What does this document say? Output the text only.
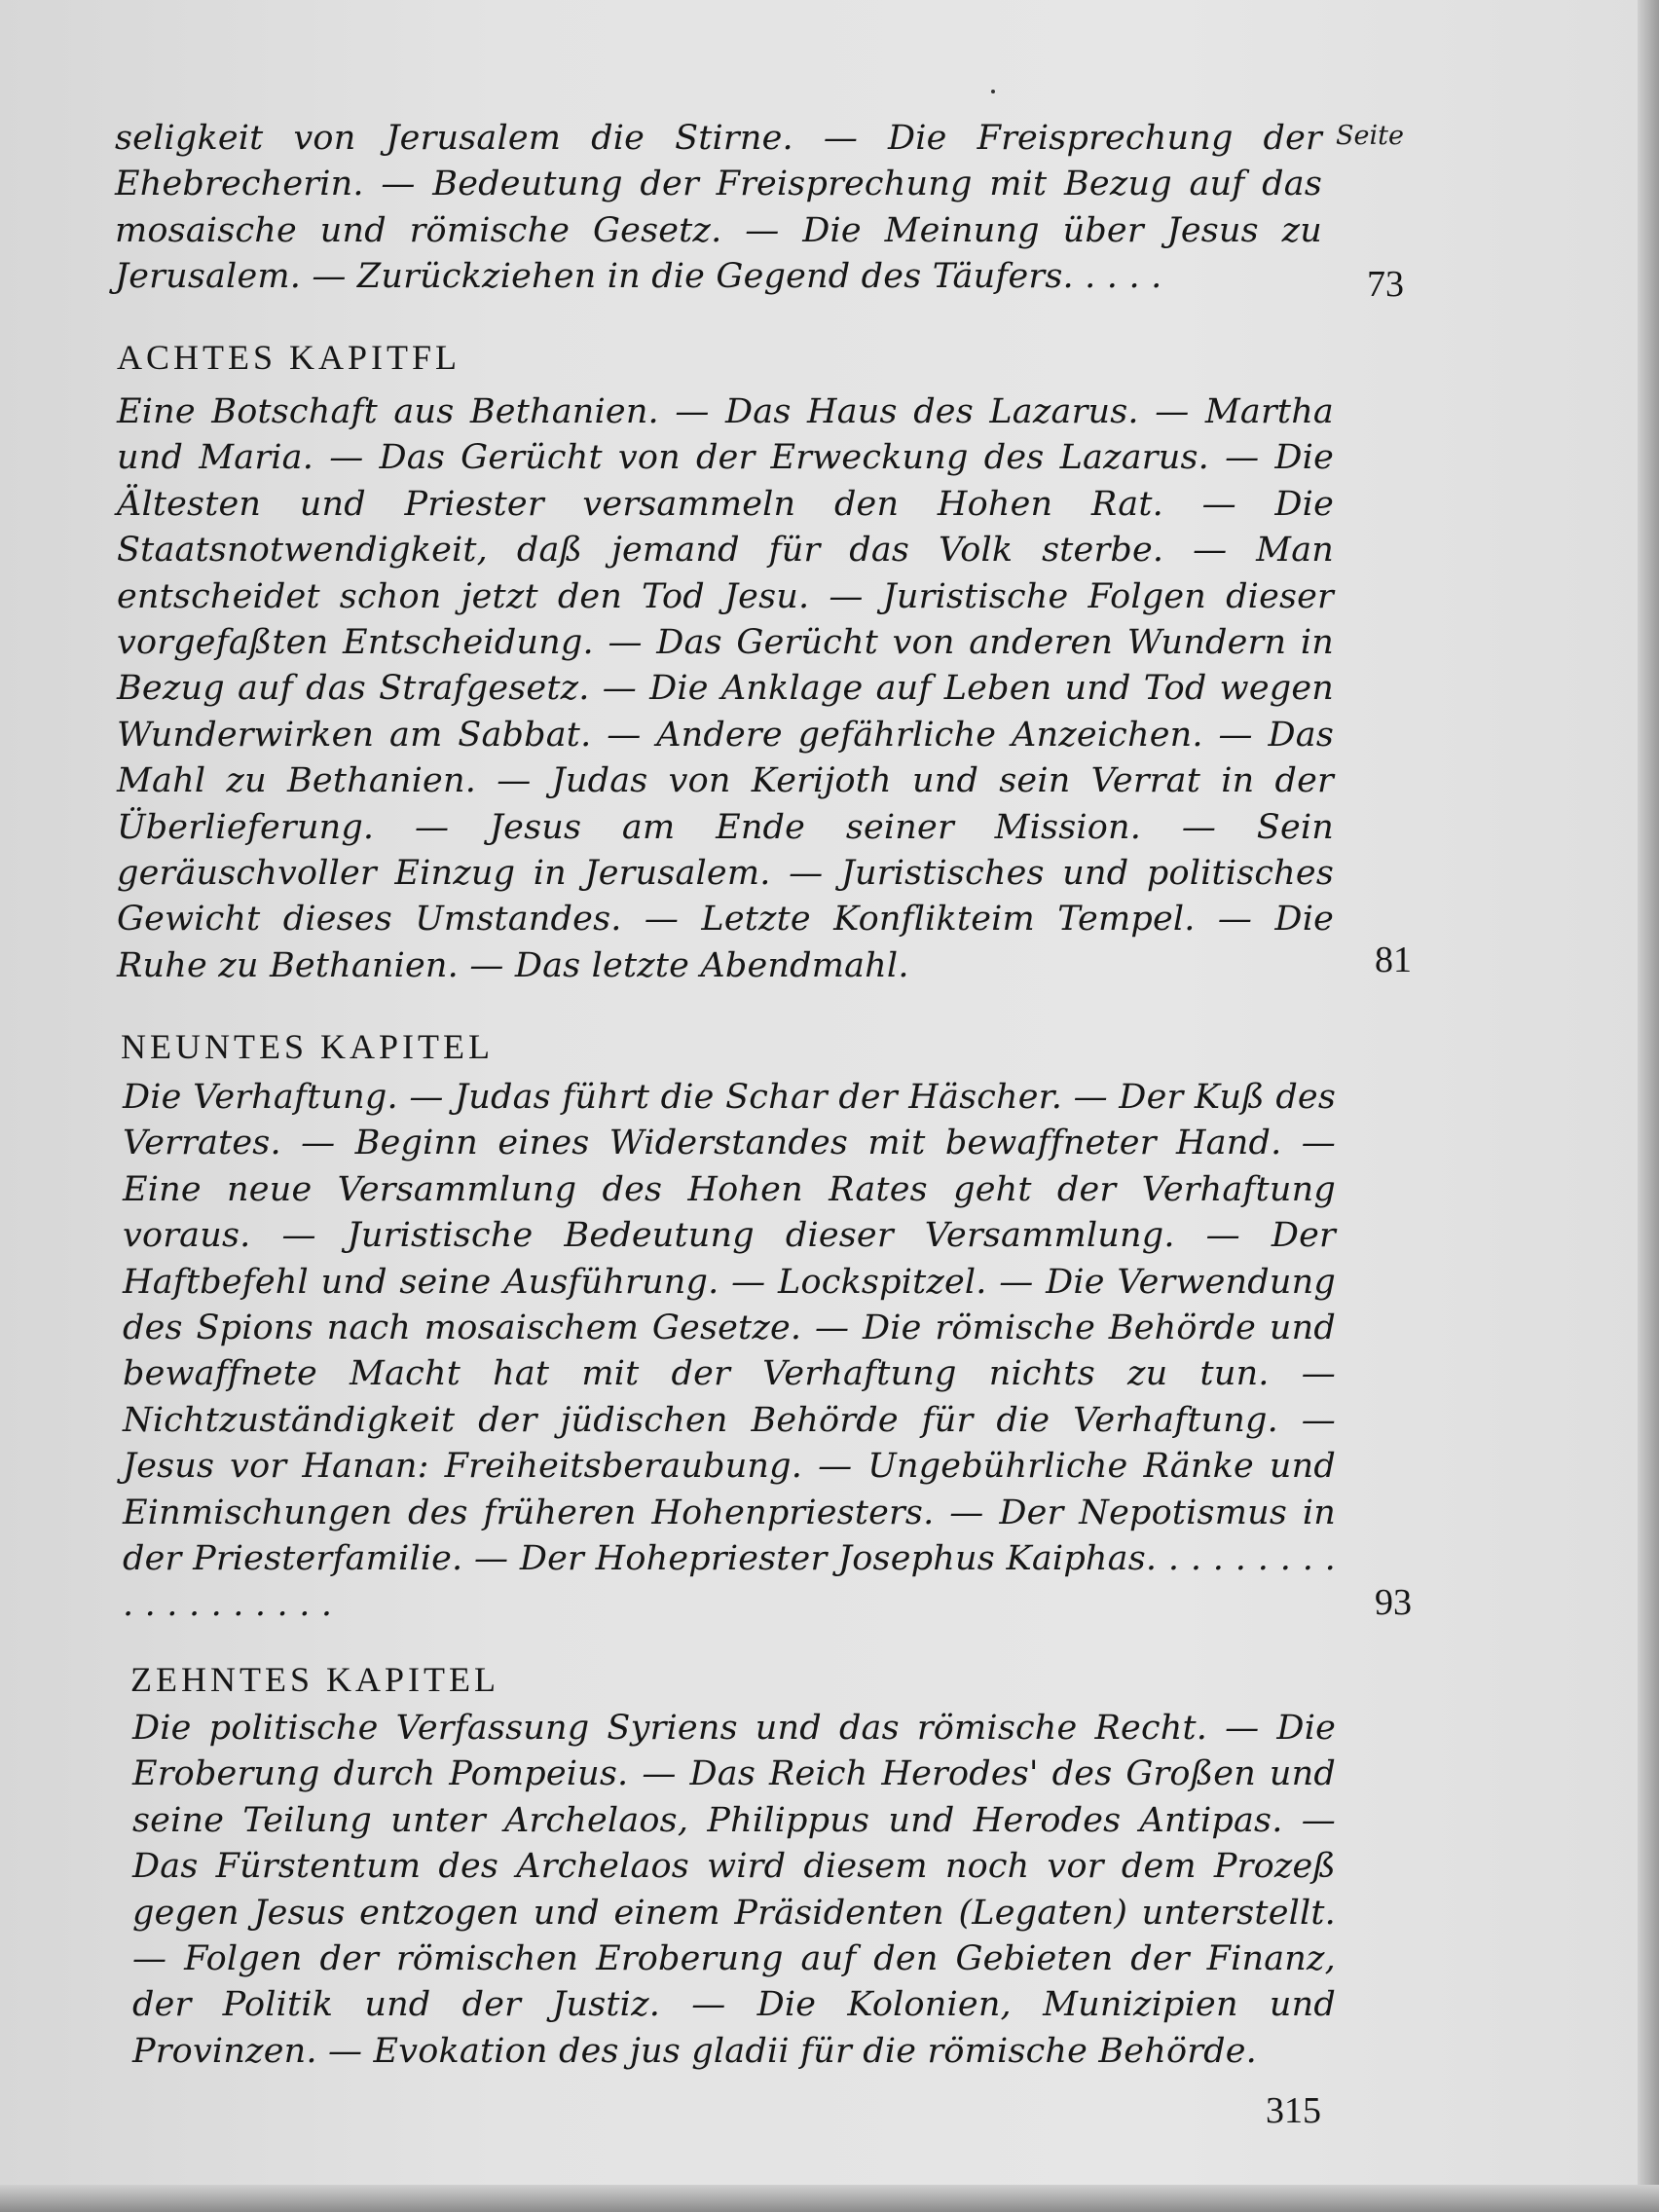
Seite

seligkeit von Jerusalem die Stirne. — Die Freisprechung der Ehebrecherin. — Bedeutung der Freisprechung mit Bezug auf das mosaische und römische Gesetz. — Die Meinung über Jesus zu Jerusalem. — Zurückziehen in die Gegend des Täufers. . . . .	73
ACHTES KAPITFL

Eine Botschaft aus Bethanien. — Das Haus des Lazarus. — Martha und Maria. — Das Gerücht von der Erweckung des Lazarus. — Die Ältesten und Priester versammeln den Hohen Rat. — Die Staatsnotwendigkeit, daß jemand für das Volk sterbe. — Man entscheidet schon jetzt den Tod Jesu. — Juristische Folgen dieser vorgefaßten Entscheidung. — Das Gerücht von anderen Wundern in Bezug auf das Strafgesetz. — Die Anklage auf Leben und Tod wegen Wunderwirken am Sabbat. — Andere gefährliche Anzeichen. — Das Mahl zu Bethanien. — Judas von Kerijoth und sein Verrat in der Überlieferung. — Jesus am Ende seiner Mission. — Sein geräuschvoller Einzug in Jerusalem. — Juristisches und politisches Gewicht dieses Umstandes. — Letzte Konflikteim Tempel. — Die Ruhe zu Bethanien. — Das letzte Abendmahl.	81
NEUNTES KAPITEL

Die Verhaftung. — Judas führt die Schar der Häscher. — Der Kuß des Verrates. — Beginn eines Widerstandes mit bewaffneter Hand. — Eine neue Versammlung des Hohen Rates geht der Verhaftung voraus. — Juristische Bedeutung dieser Versammlung. — Der Haftbefehl und seine Ausführung. — Lockspitzel. — Die Verwendung des Spions nach mosaischem Gesetze. — Die römische Behörde und bewaffnete Macht hat mit der Verhaftung nichts zu tun. — Nichtzuständigkeit der jüdischen Behörde für die Verhaftung. — Jesus vor Hanan: Freiheitsberaubung. — Ungebührliche Ränke und Einmischungen des früheren Hohenpriesters. — Der Nepotismus in der Priesterfamilie. — Der Hohepriester Josephus Kaiphas. . . . . . . . . . . . . . . . . . .	93
ZEHNTES KAPITEL

Die politische Verfassung Syriens und das römische Recht. — Die Eroberung durch Pompeius. — Das Reich Herodes' des Großen und seine Teilung unter Archelaos, Philippus und Herodes Antipas. — Das Fürstentum des Archelaos wird diesem noch vor dem Prozeß gegen Jesus entzogen und einem Präsidenten (Legaten) unterstellt. — Folgen der römischen Eroberung auf den Gebieten der Finanz, der Politik und der Justiz. — Die Kolonien, Munizipien und Provinzen. — Evokation des jus gladii für die römische Behörde.

315
